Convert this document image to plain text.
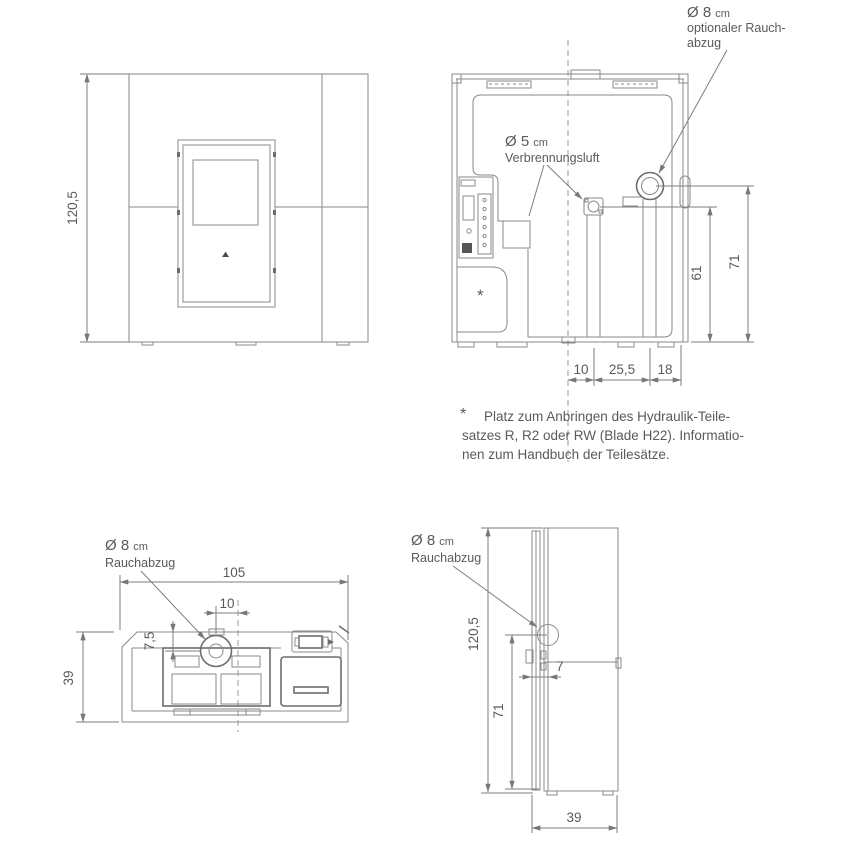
120,5
*
Ø 8 cm
optionaler Rauch-
abzug
Ø 5 cm
Verbrennungsluft
10 25,5 18
61
71
* Platz zum Anbringen des Hydraulik-Teile-
satzes R, R2 oder RW (Blade H22). Informatio-
nen zum Handbuch der Teilesätze.
Ø 8 cm
Rauchabzug
105
10
7,5
39
Ø 8 cm
Rauchabzug
120,5
71
7
39
